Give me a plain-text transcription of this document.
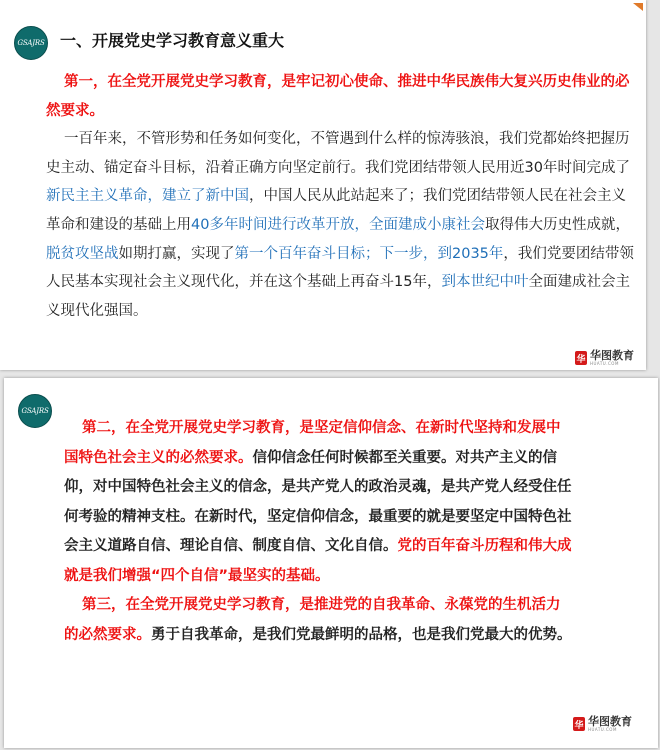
GSAJRS 一、开展党史学习教育意义重大
第一，在全党开展党史学习教育，是牢记初心使命、推进中华民族伟大复兴历史伟业的必然要求。
一百年来，不管形势和任务如何变化，不管遇到什么样的惊涛骇浪，我们党都始终把握历史主动、锚定奋斗目标，沿着正确方向坚定前行。我们党团结带领人民用近30年时间完成了新民主主义革命，建立了新中国，中国人民从此站起来了；我们党团结带领人民在社会主义革命和建设的基础上用40多年时间进行改革开放，全面建成小康社会取得伟大历史性成就，脱贫攻坚战如期打赢，实现了第一个百年奋斗目标；下一步，到2035年，我们党要团结带领人民基本实现社会主义现代化，并在这个基础上再奋斗15年，到本世纪中叶全面建成社会主义现代化强国。
华 华图教育
HUATU.COM
GSAJRS
第二，在全党开展党史学习教育，是坚定信仰信念、在新时代坚持和发展中国特色社会主义的必然要求。信仰信念任何时候都至关重要。对共产主义的信仰，对中国特色社会主义的信念，是共产党人的政治灵魂，是共产党人经受住任何考验的精神支柱。在新时代，坚定信仰信念，最重要的就是要坚定中国特色社会主义道路自信、理论自信、制度自信、文化自信。党的百年奋斗历程和伟大成就是我们增强“四个自信”最坚实的基础。
第三，在全党开展党史学习教育，是推进党的自我革命、永葆党的生机活力的必然要求。勇于自我革命，是我们党最鲜明的品格，也是我们党最大的优势。
华 华图教育
HUATU.COM
